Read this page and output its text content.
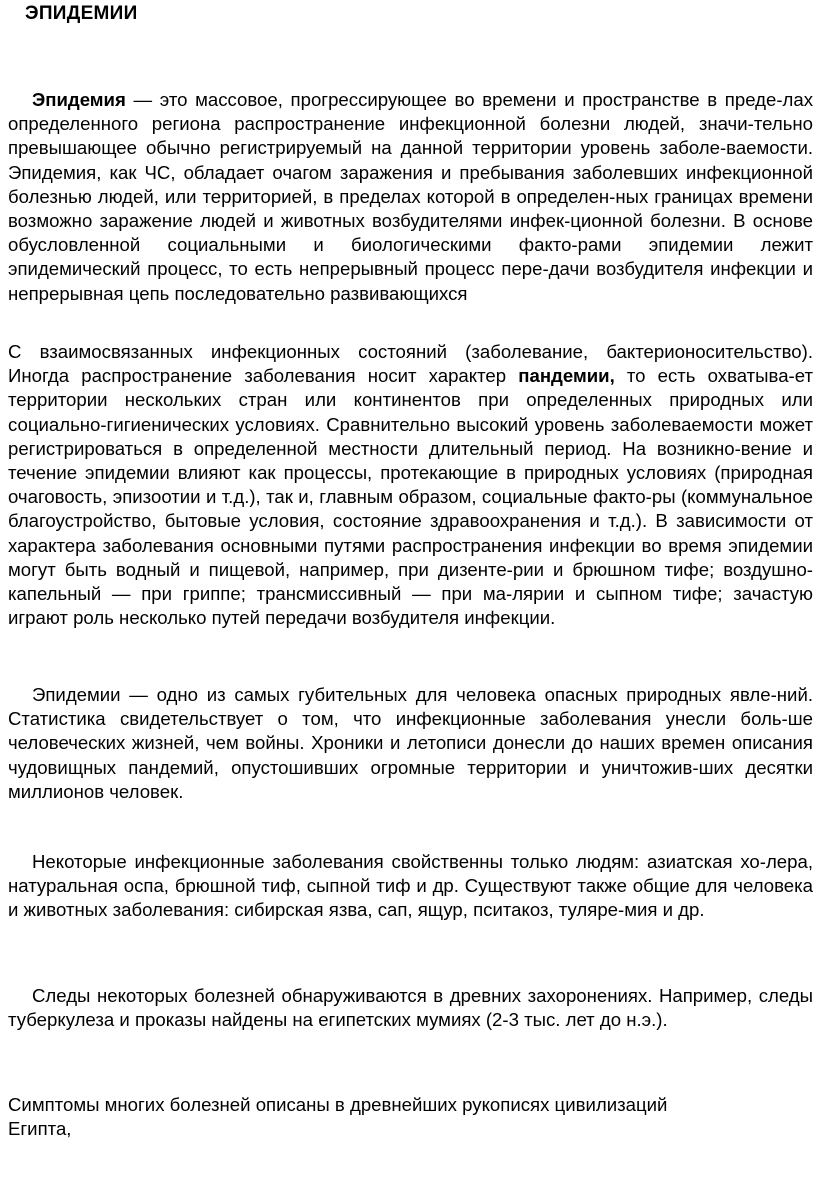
ЭПИДЕМИИ

Эпидемия — это массовое, прогрессирующее во времени и пространстве в преде-лах определенного региона распространение инфекционной болезни людей, значи-тельно превышающее обычно регистрируемый на данной территории уровень заболе-ваемости. Эпидемия, как ЧС, обладает очагом заражения и пребывания заболевших инфекционной болезнью людей, или территорией, в пределах которой в определен-ных границах времени возможно заражение людей и животных возбудителями инфек-ционной болезни. В основе обусловленной социальными и биологическими факто-рами эпидемии лежит эпидемический процесс, то есть непрерывный процесс пере-дачи возбудителя инфекции и непрерывная цепь последовательно развивающихся

С взаимосвязанных инфекционных состояний (заболевание, бактерионосительство). Иногда распространение заболевания носит характер пандемии, то есть охватыва-ет территории нескольких стран или континентов при определенных природных или социально-гигиенических условиях. Сравнительно высокий уровень заболеваемости может регистрироваться в определенной местности длительный период. На возникно-вение и течение эпидемии влияют как процессы, протекающие в природных условиях (природная очаговость, эпизоотии и т.д.), так и, главным образом, социальные факто-ры (коммунальное благоустройство, бытовые условия, состояние здравоохранения и т.д.). В зависимости от характера заболевания основными путями распространения инфекции во время эпидемии могут быть водный и пищевой, например, при дизенте-рии и брюшном тифе; воздушно-капельный — при гриппе; трансмиссивный — при ма-лярии и сыпном тифе; зачастую играют роль несколько путей передачи возбудителя инфекции.

Эпидемии — одно из самых губительных для человека опасных природных явле-ний. Статистика свидетельствует о том, что инфекционные заболевания унесли боль-ше человеческих жизней, чем войны. Хроники и летописи донесли до наших времен описания чудовищных пандемий, опустошивших огромные территории и уничтожив-ших десятки миллионов человек.

Некоторые инфекционные заболевания свойственны только людям: азиатская хо-лера, натуральная оспа, брюшной тиф, сыпной тиф и др. Существуют также общие для человека и животных заболевания: сибирская язва, сап, ящур, пситакоз, туляре-мия и др.

Следы некоторых болезней обнаруживаются в древних захоронениях. Например, следы туберкулеза и проказы найдены на египетских мумиях (2-3 тыс. лет до н.э.).

Симптомы многих болезней описаны в древнейших рукописях цивилизаций
Египта,
